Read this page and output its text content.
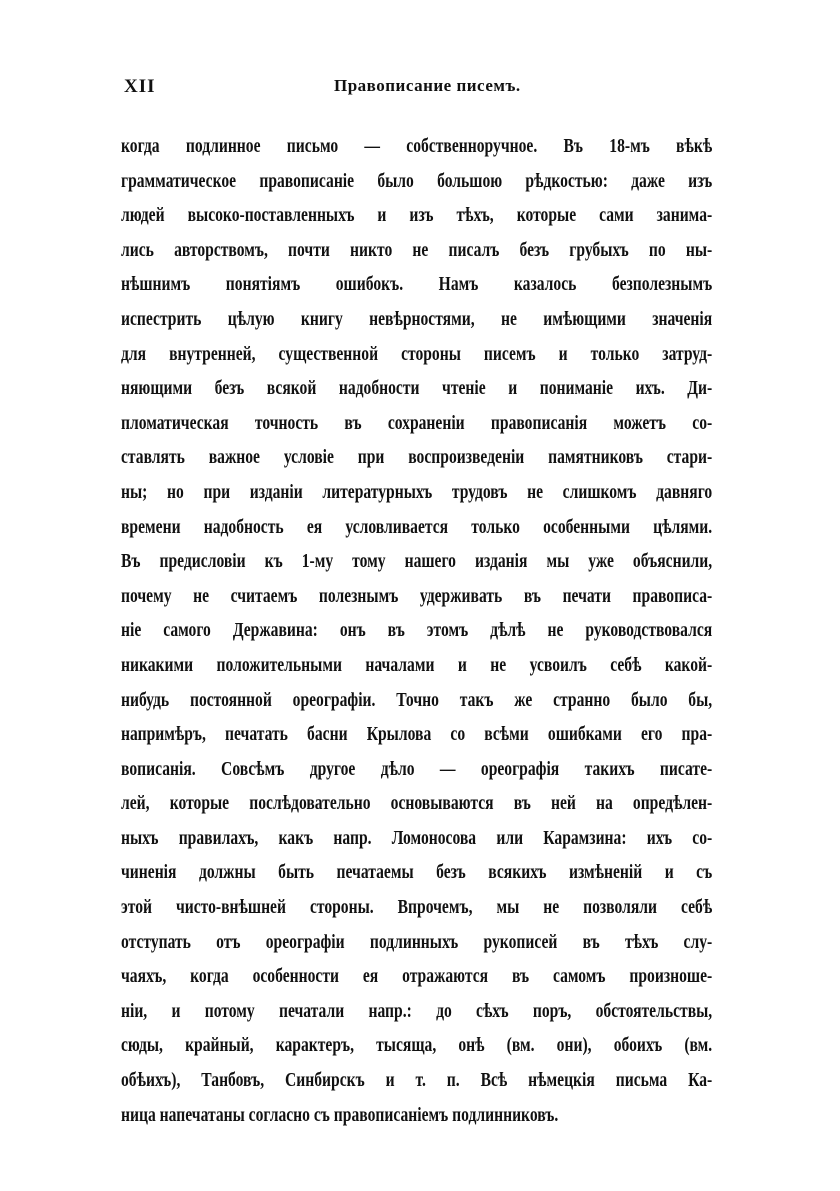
XII	Правописание писемъ.
когда подлинное письмо — собственноручное. Въ 18-мъ вѣкѣ
грамматическое правописаніе было большою рѣдкостью: даже изъ
людей высоко-поставленныхъ и изъ тѣхъ, которые сами занима-
лись авторствомъ, почти никто не писалъ безъ грубыхъ по ны-
нѣшнимъ понятіямъ ошибокъ. Намъ казалось безполезнымъ
испестрить цѣлую книгу невѣрностями, не имѣющими значенія
для внутренней, существенной стороны писемъ и только затруд-
няющими безъ всякой надобности чтеніе и пониманіе ихъ. Ди-
пломатическая точность въ сохраненіи правописанія можетъ со-
ставлять важное условіе при воспроизведеніи памятниковъ стари-
ны; но при изданіи литературныхъ трудовъ не слишкомъ давняго
времени надобность ея условливается только особенными цѣлями.
Въ предисловіи къ 1-му тому нашего изданія мы уже объяснили,
почему не считаемъ полезнымъ удерживать въ печати правописа-
ніе самого Державина: онъ въ этомъ дѣлѣ не руководствовался
никакими положительными началами и не усвоилъ себѣ какой-
нибудь постоянной ореографіи. Точно такъ же странно было бы,
напримѣръ, печатать басни Крылова со всѣми ошибками его пра-
вописанія. Совсѣмъ другое дѣло — ореографія такихъ писате-
лей, которые послѣдовательно основываются въ ней на опредѣлен-
ныхъ правилахъ, какъ напр. Ломоносова или Карамзина: ихъ со-
чиненія должны быть печатаемы безъ всякихъ измѣненій и съ
этой чисто-внѣшней стороны. Впрочемъ, мы не позволяли себѣ
отступать отъ ореографіи подлинныхъ рукописей въ тѣхъ слу-
чаяхъ, когда особенности ея отражаются въ самомъ произноше-
ніи, и потому печатали напр.: до сѣхъ поръ, обстоятельствы,
сюды, крайный, карактеръ, тысяща, онѣ (вм. они), обоихъ (вм.
обѣихъ), Танбовъ, Синбирскъ и т. п. Всѣ нѣмецкія письма Ка-
ница напечатаны согласно съ правописаніемъ подлинниковъ.
